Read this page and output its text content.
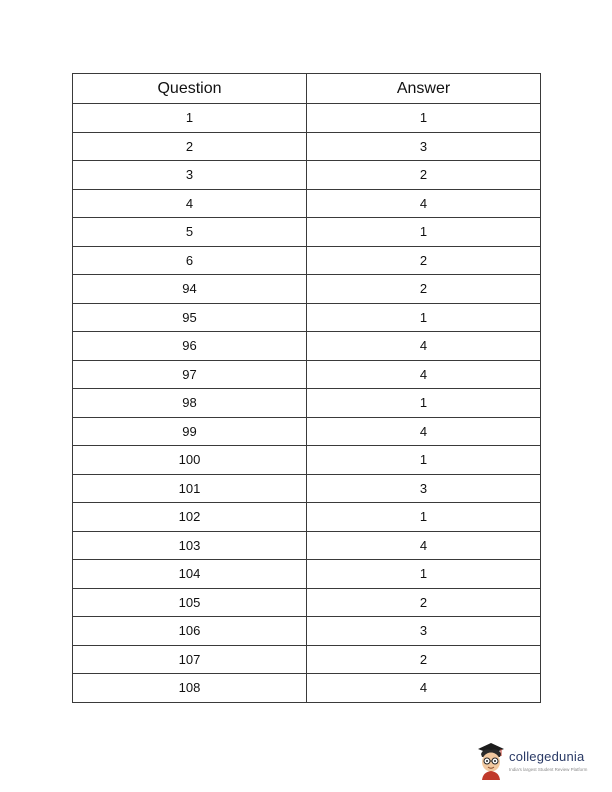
Question	Answer
1	1
2	3
3	2
4	4
5	1
6	2
94	2
95	1
96	4
97	4
98	1
99	4
100	1
101	3
102	1
103	4
104	1
105	2
106	3
107	2
108	4
collegedunia
India's largest Student Review Platform
